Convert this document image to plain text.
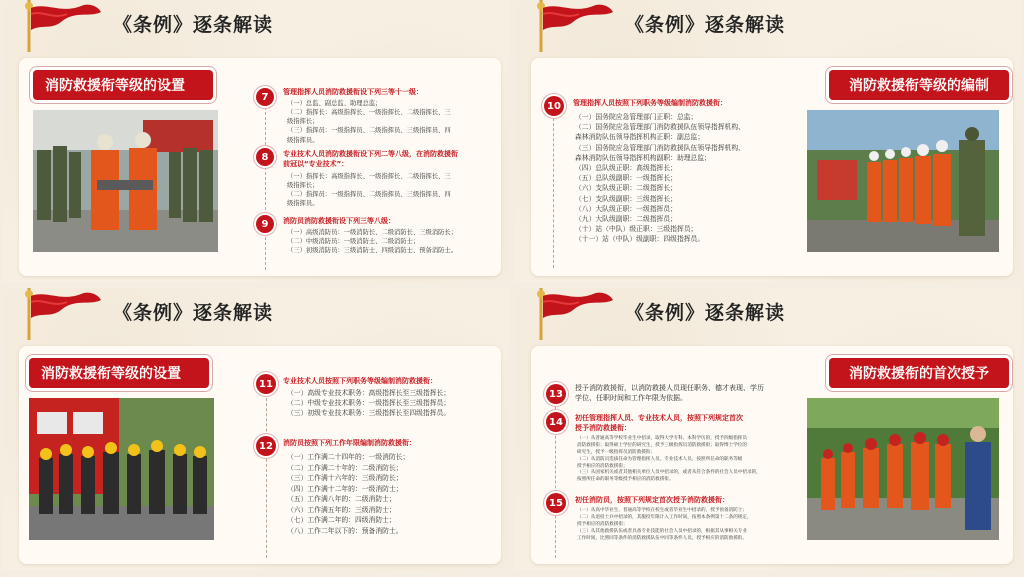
《条例》逐条解读
消防救援衔等级的设置
7	管理指挥人员消防救援衔设下列三等十一级：
（一）总监、副总监、助理总监；
（二）指挥长：高级指挥长、一级指挥长、二级指挥长、三
级指挥长；
（三）指挥员：一级指挥员、二级指挥员、三级指挥员、四
级指挥员。
8	专业技术人员消防救援衔设下列二等八级，在消防救援衔
前冠以“专业技术”：
（一）指挥长：高级指挥长、一级指挥长、二级指挥长、三
级指挥长；
（二）指挥员：一级指挥员、二级指挥员、三级指挥员、四
级指挥员。
9	消防员消防救援衔设下列三等八级：
（一）高级消防员：一级消防长、二级消防长、三级消防长；
（二）中级消防员：一级消防士、二级消防士；
（三）初级消防员：三级消防士、四级消防士、预备消防士。
《条例》逐条解读
消防救援衔等级的编制
10	管理指挥人员按照下列职务等级编制消防救援衔：
（一）国务院应急管理部门正职：总监；
（二）国务院应急管理部门消防救援队伍领导指挥机构、
森林消防队伍领导指挥机构正职：副总监；
（三）国务院应急管理部门消防救援队伍领导指挥机构、
森林消防队伍领导指挥机构副职：助理总监；
（四）总队级正职：高级指挥长；
（五）总队级副职：一级指挥长；
（六）支队级正职：二级指挥长；
（七）支队级副职：三级指挥长；
（八）大队级正职：一级指挥员；
（九）大队级副职：二级指挥员；
（十）站（中队）级正职：三级指挥员；
（十一）站（中队）级副职：四级指挥员。
《条例》逐条解读
消防救援衔等级的设置
11	专业技术人员按照下列职务等级编制消防救援衔：
（一）高级专业技术职务：高级指挥长至三级指挥长；
（二）中级专业技术职务：一级指挥长至三级指挥员；
（三）初级专业技术职务：三级指挥长至四级指挥员。
12	消防员按照下列工作年限编制消防救援衔：
（一）工作满二十四年的：一级消防长；
（二）工作满二十年的：二级消防长；
（三）工作满十六年的：三级消防长；
（四）工作满十二年的：一级消防士；
（五）工作满八年的：二级消防士；
（六）工作满五年的：三级消防士；
（七）工作满二年的：四级消防士；
（八）工作二年以下的：预备消防士。
《条例》逐条解读
消防救援衔的首次授予
13
授予消防救援衔，以消防救援人员现任职务、德才表现、学历
学位、任职时间和工作年限为依据。
14	初任管理指挥人员、专业技术人员，按照下列规定首次
授予消防救援衔：
（一）从普通高等学校毕业生中招录，取得大学专科、本科学历的，授予四级指挥员
消防救援衔；取得硕士学位的研究生，授予三级指挥员消防救援衔；取得博士学位的
研究生，授予一级指挥员消防救援衔；
（二）从消防员选拔任命为管理指挥人员、专业技术人员，按照所任命的职务等级
授予相应的消防救援衔；
（三）从国家机关或者其他相关单位人员中招录的，或者从符合条件的社会人员中招录的，
按照所任命的职务等级授予相应的消防救援衔。
15	初任消防员，按照下列规定首次授予消防救援衔：
（一）从高中毕业生、普通高等学校在校生或者毕业生中招录的，授予预备消防士；
（二）从退役士兵中招录的，其服役年限计入工作时间，按照本条例第十二条的规定，
授予相应的消防救援衔；
（三）从其他救援队伍或者具备专业技能的社会人员中招录的，根据其从事相关专业
工作时间，比照同等条件的消防救援队伍中同等条件人员，授予相应的消防救援衔。
